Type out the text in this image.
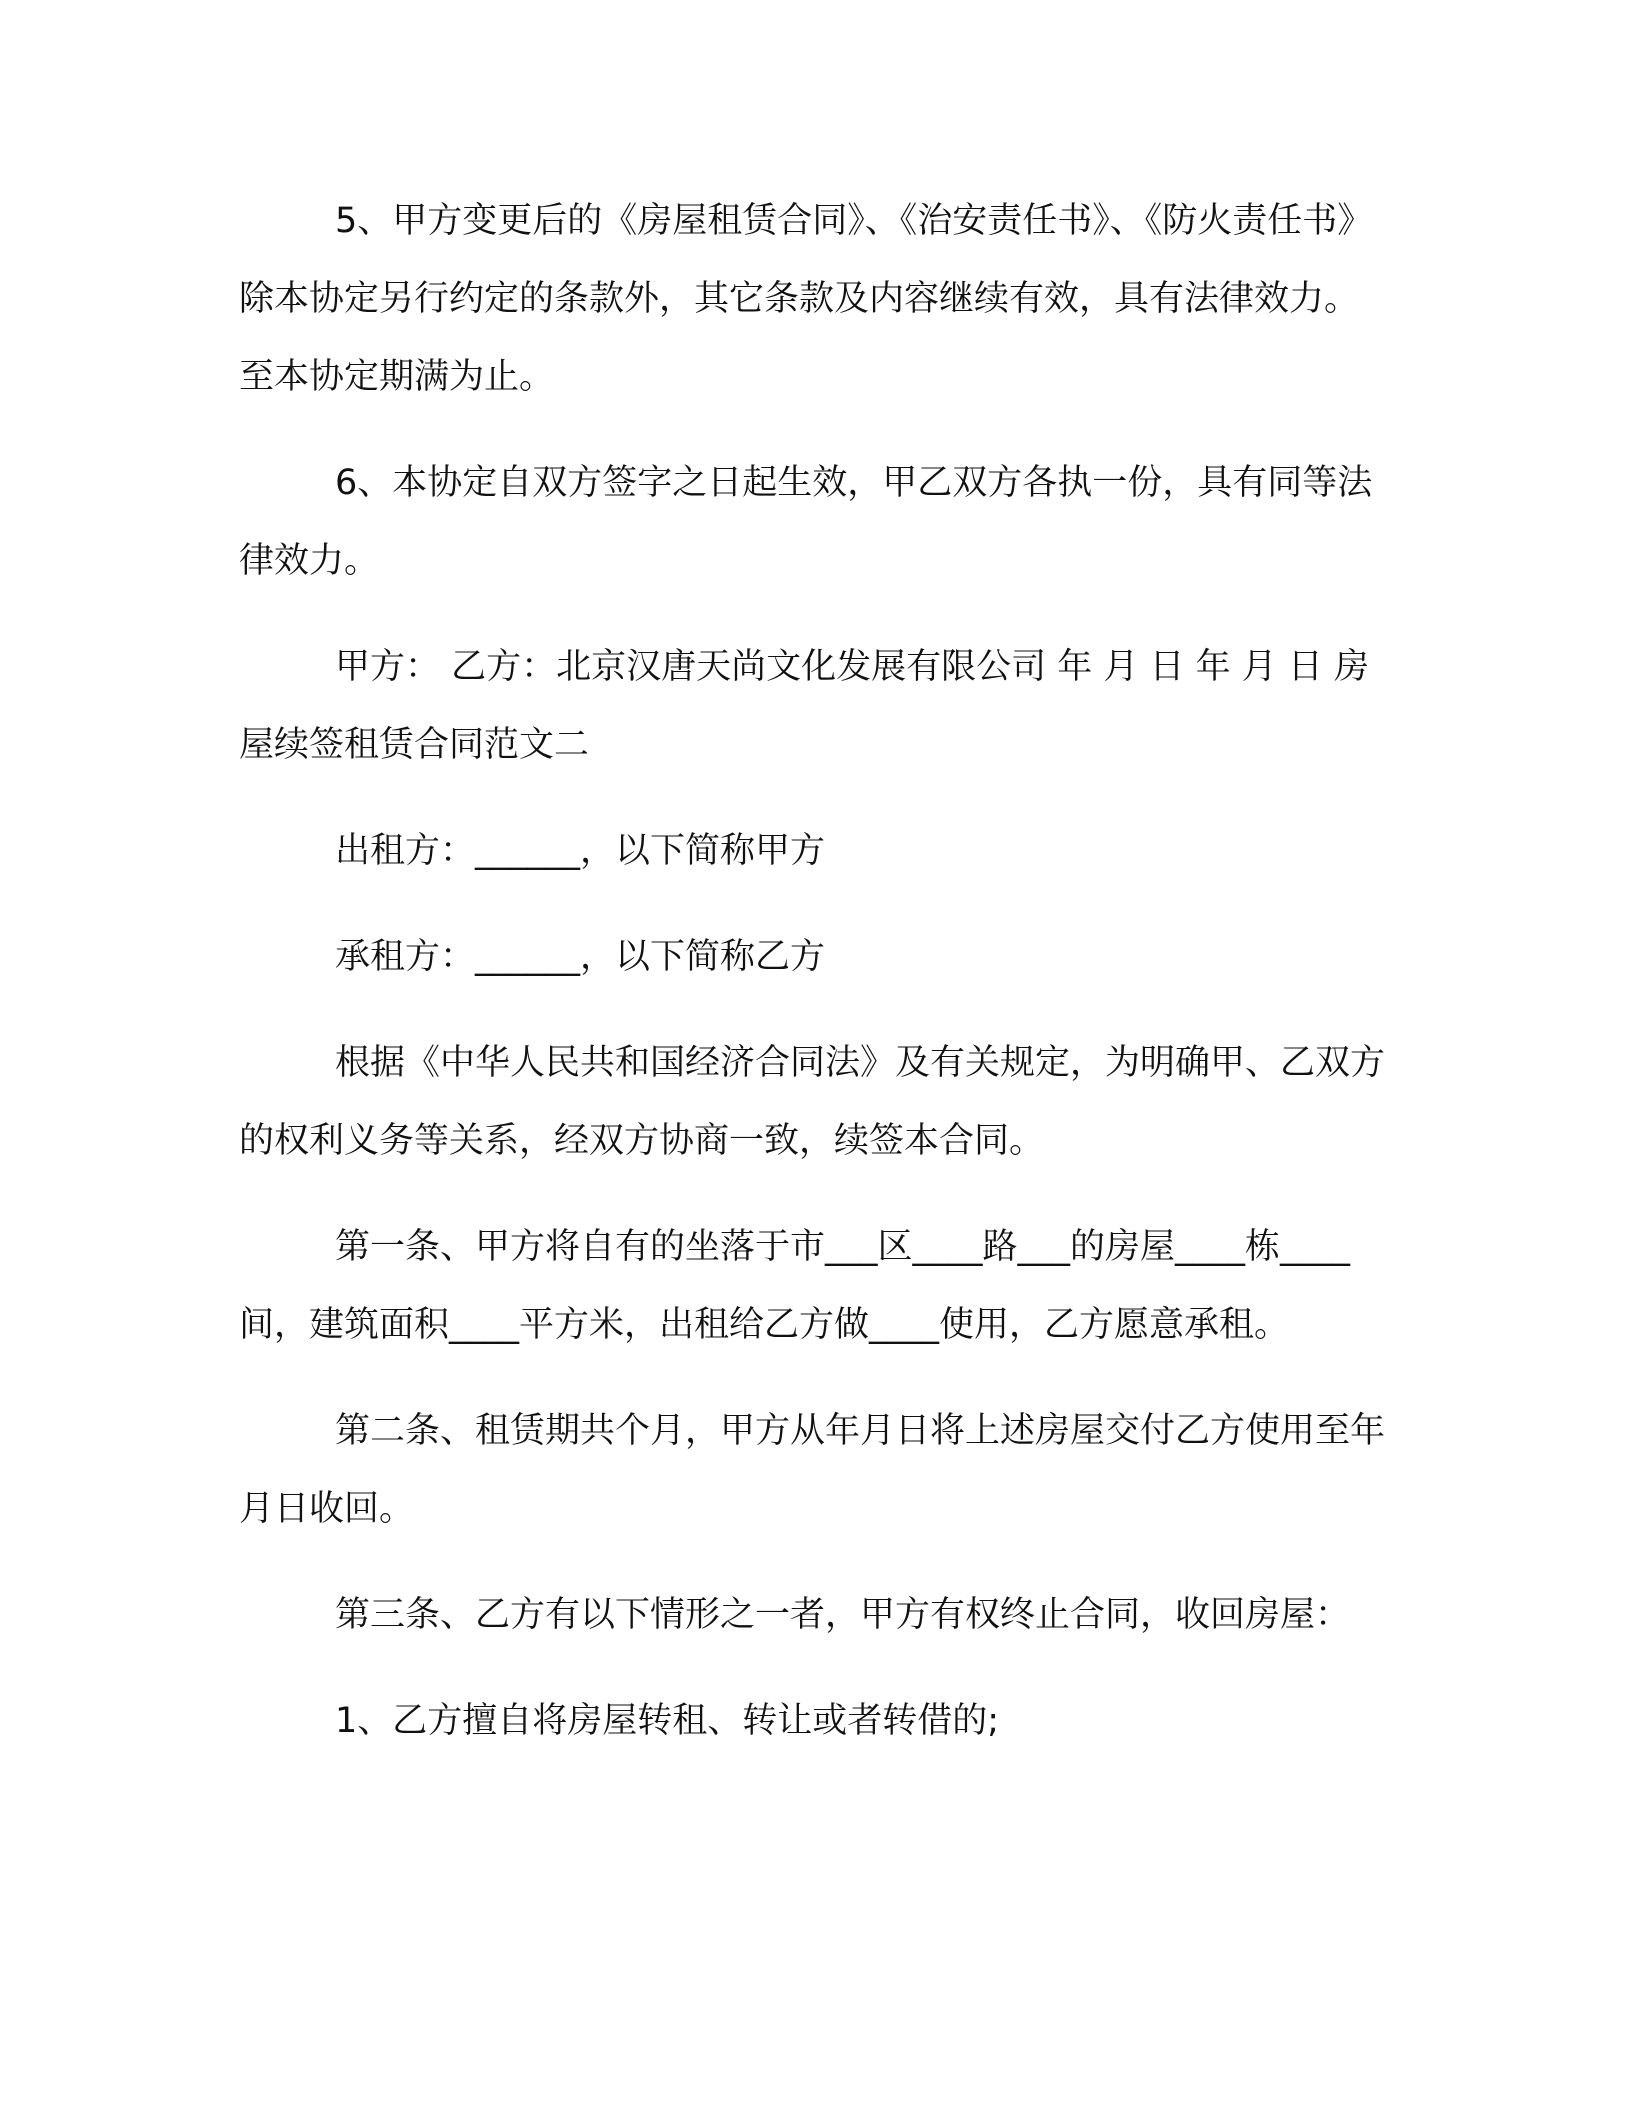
5、甲方变更后的《房屋租赁合同》、《治安责任书》、《防火责任书》除本协定另行约定的条款外，其它条款及内容继续有效，具有法律效力。至本协定期满为止。

6、本协定自双方签字之日起生效，甲乙双方各执一份，具有同等法律效力。

甲方： 乙方：北京汉唐天尚文化发展有限公司 年 月 日 年 月 日 房屋续签租赁合同范文二

出租方：______，以下简称甲方

承租方：______，以下简称乙方

根据《中华人民共和国经济合同法》及有关规定，为明确甲、乙双方的权利义务等关系，经双方协商一致，续签本合同。

第一条、甲方将自有的坐落于市___区____路___的房屋____栋____间，建筑面积____平方米，出租给乙方做____使用，乙方愿意承租。

第二条、租赁期共个月，甲方从年月日将上述房屋交付乙方使用至年月日收回。

第三条、乙方有以下情形之一者，甲方有权终止合同，收回房屋：

1、乙方擅自将房屋转租、转让或者转借的;
